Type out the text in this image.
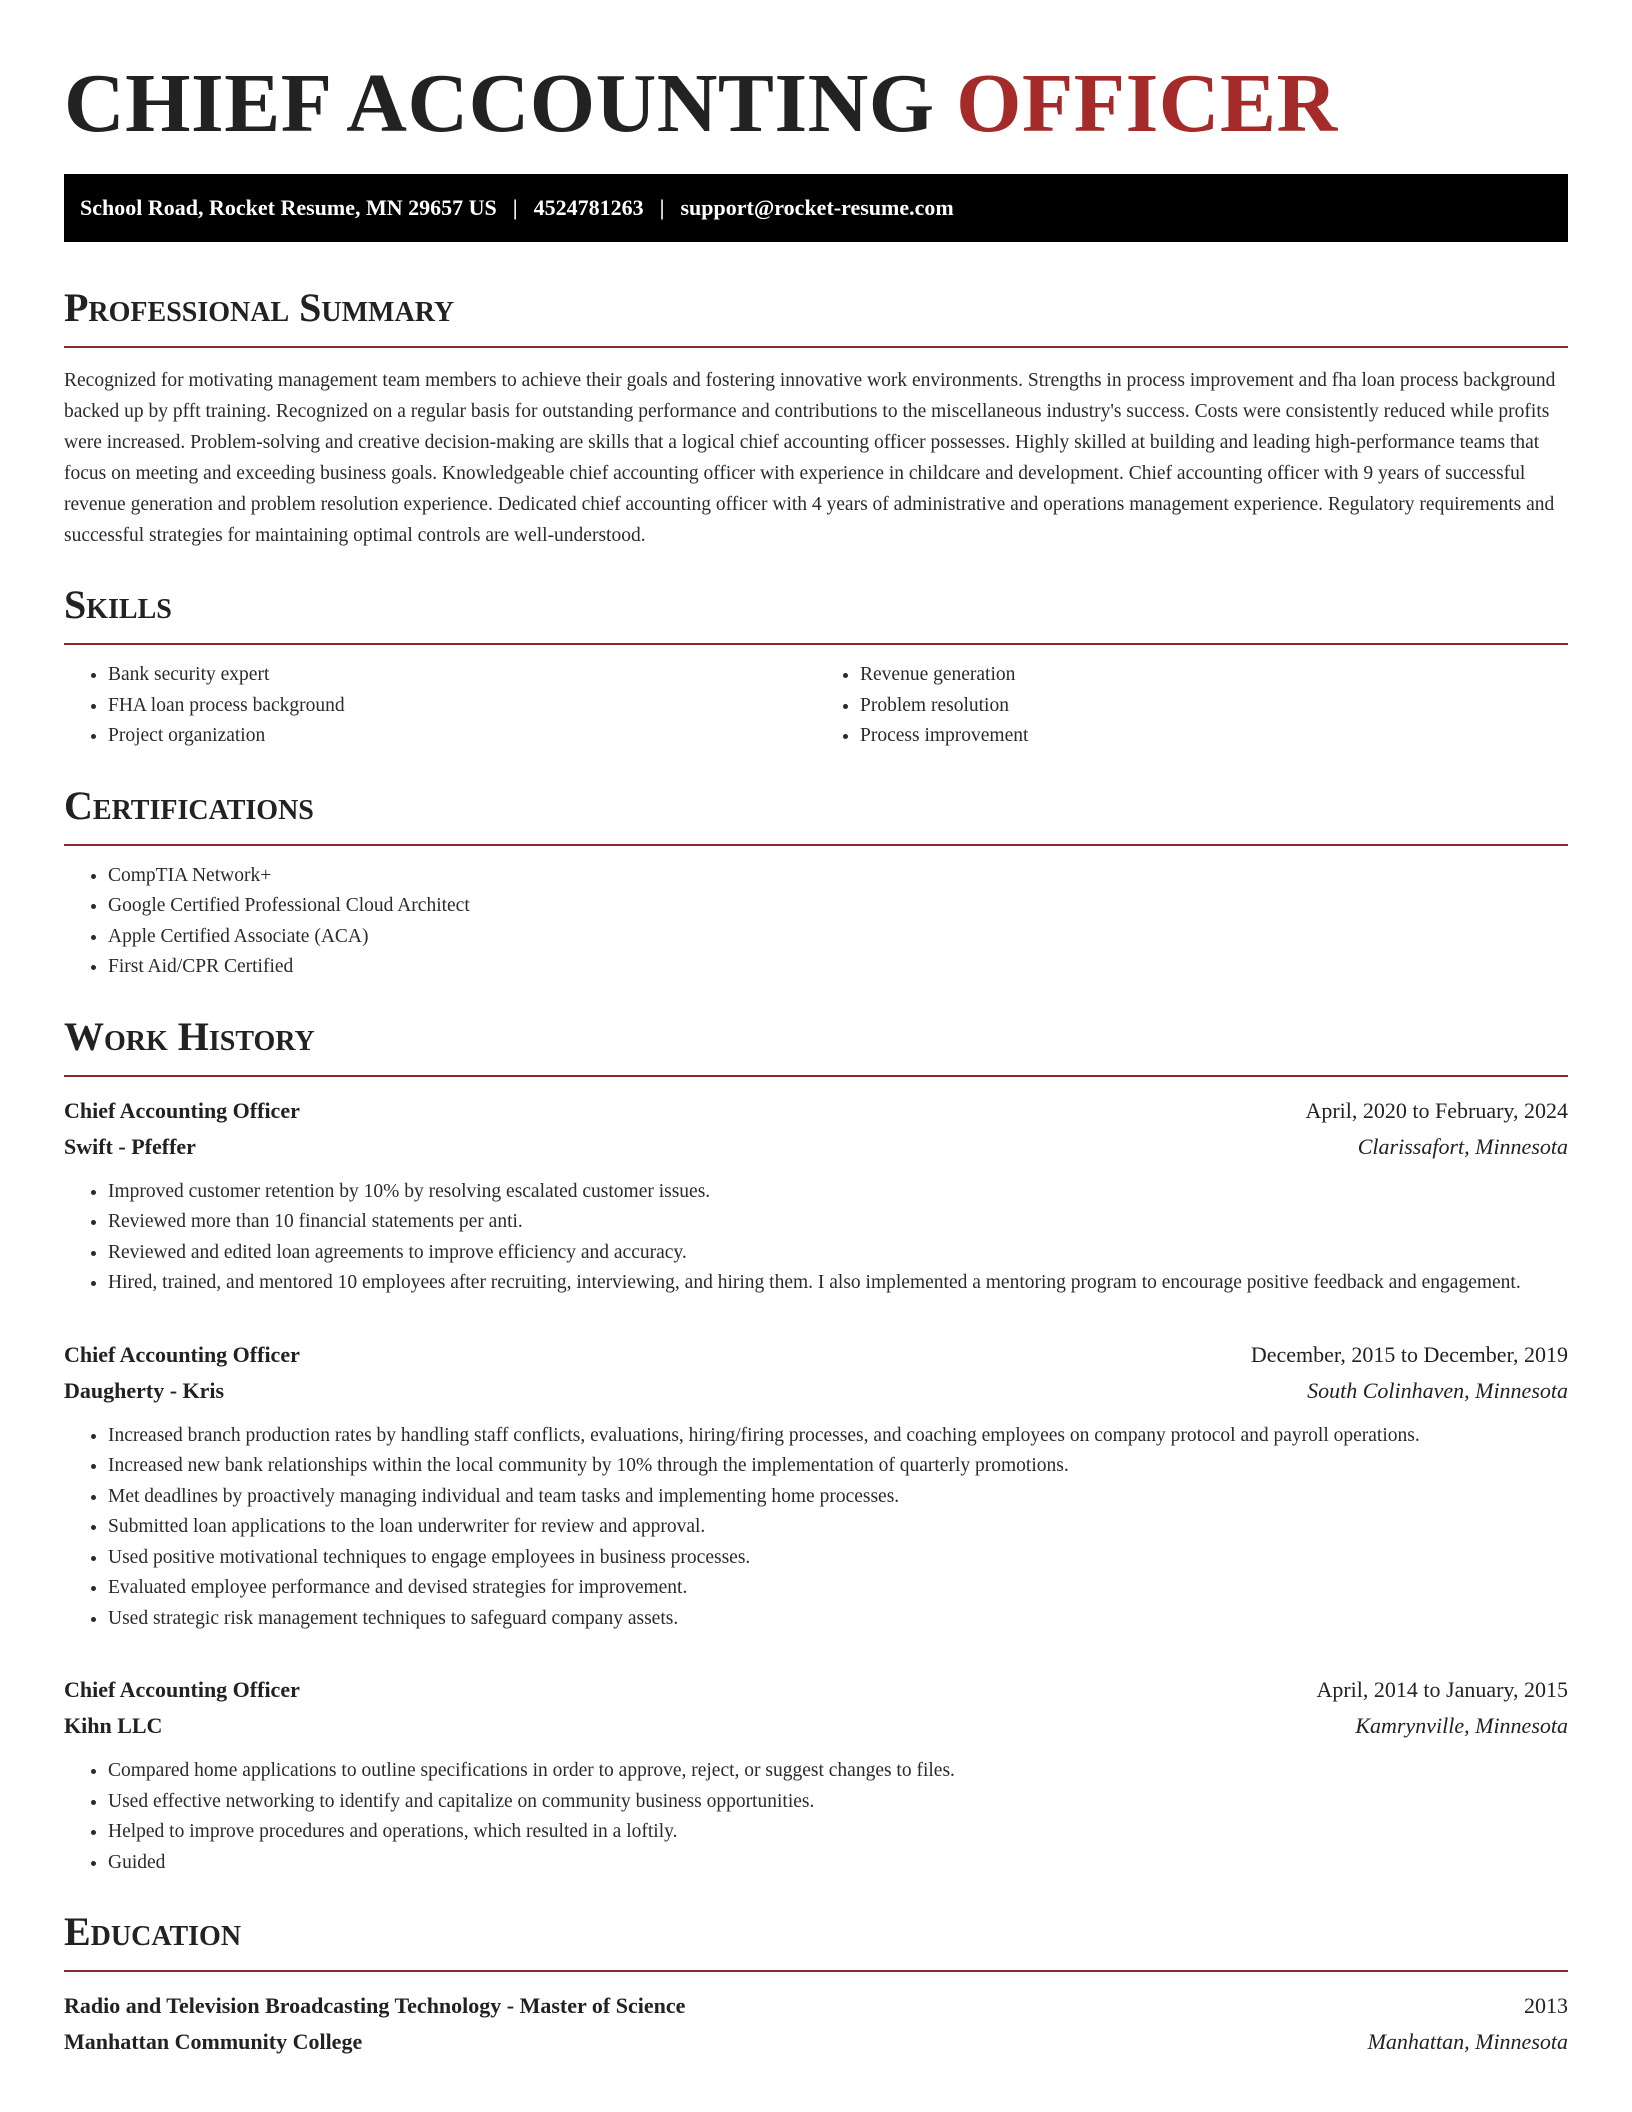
CHIEF ACCOUNTING OFFICER
School Road, Rocket Resume, MN 29657 US | 4524781263 | support@rocket-resume.com
Professional Summary

Recognized for motivating management team members to achieve their goals and fostering innovative work environments. Strengths in process improvement and fha loan process background backed up by pfft training. Recognized on a regular basis for outstanding performance and contributions to the miscellaneous industry's success. Costs were consistently reduced while profits were increased. Problem-solving and creative decision-making are skills that a logical chief accounting officer possesses. Highly skilled at building and leading high-performance teams that focus on meeting and exceeding business goals. Knowledgeable chief accounting officer with experience in childcare and development. Chief accounting officer with 9 years of successful revenue generation and problem resolution experience. Dedicated chief accounting officer with 4 years of administrative and operations management experience. Regulatory requirements and successful strategies for maintaining optimal controls are well-understood.

Skills
• Bank security expert
• FHA loan process background
• Project organization
• Revenue generation
• Problem resolution
• Process improvement
Certifications
• CompTIA Network+
• Google Certified Professional Cloud Architect
• Apple Certified Associate (ACA)
• First Aid/CPR Certified
Work History
Chief Accounting Officer	April, 2020 to February, 2024
Swift - Pfeffer	Clarissafort, Minnesota
• Improved customer retention by 10% by resolving escalated customer issues.
• Reviewed more than 10 financial statements per anti.
• Reviewed and edited loan agreements to improve efficiency and accuracy.
• Hired, trained, and mentored 10 employees after recruiting, interviewing, and hiring them. I also implemented a mentoring program to encourage positive feedback and engagement.
Chief Accounting Officer	December, 2015 to December, 2019
Daugherty - Kris	South Colinhaven, Minnesota
• Increased branch production rates by handling staff conflicts, evaluations, hiring/firing processes, and coaching employees on company protocol and payroll operations.
• Increased new bank relationships within the local community by 10% through the implementation of quarterly promotions.
• Met deadlines by proactively managing individual and team tasks and implementing home processes.
• Submitted loan applications to the loan underwriter for review and approval.
• Used positive motivational techniques to engage employees in business processes.
• Evaluated employee performance and devised strategies for improvement.
• Used strategic risk management techniques to safeguard company assets.
Chief Accounting Officer	April, 2014 to January, 2015
Kihn LLC	Kamrynville, Minnesota
• Compared home applications to outline specifications in order to approve, reject, or suggest changes to files.
• Used effective networking to identify and capitalize on community business opportunities.
• Helped to improve procedures and operations, which resulted in a loftily.
• Guided
Education
Radio and Television Broadcasting Technology - Master of Science	2013
Manhattan Community College	Manhattan, Minnesota
